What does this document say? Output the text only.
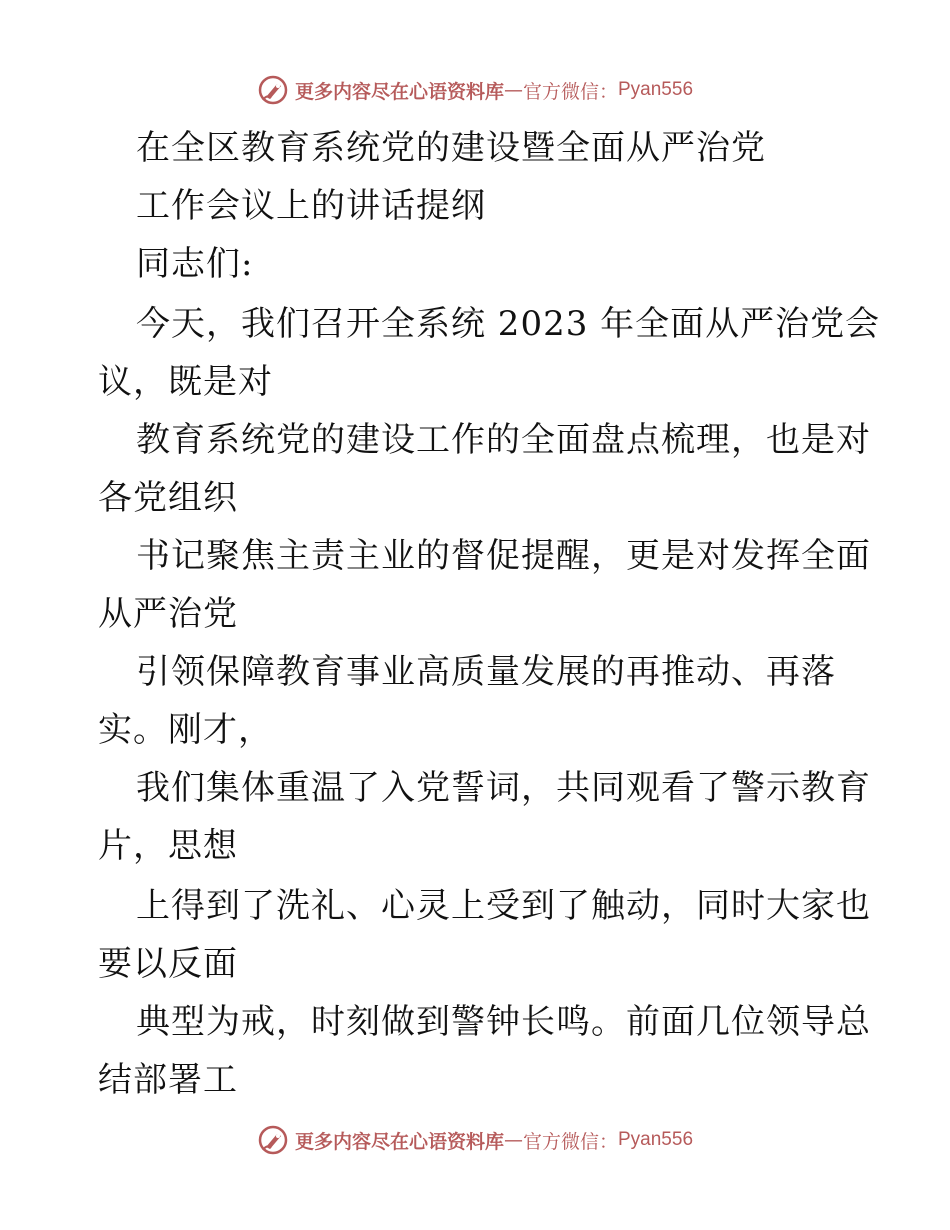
更多内容尽在心语资料库 — 官方微信： Pyan556
在全区教育系统党的建设暨全面从严治党
工作会议上的讲话提纲
同志们:
今天，我们召开全系统 2023 年全面从严治党会
议，既是对
教育系统党的建设工作的全面盘点梳理，也是对
各党组织
书记聚焦主责主业的督促提醒，更是对发挥全面
从严治党
引领保障教育事业高质量发展的再推动、再落
实。刚才，
我们集体重温了入党誓词，共同观看了警示教育
片，思想
上得到了洗礼、心灵上受到了触动，同时大家也
要以反面
典型为戒，时刻做到警钟长鸣。前面几位领导总
结部署工
更多内容尽在心语资料库 — 官方微信： Pyan556
